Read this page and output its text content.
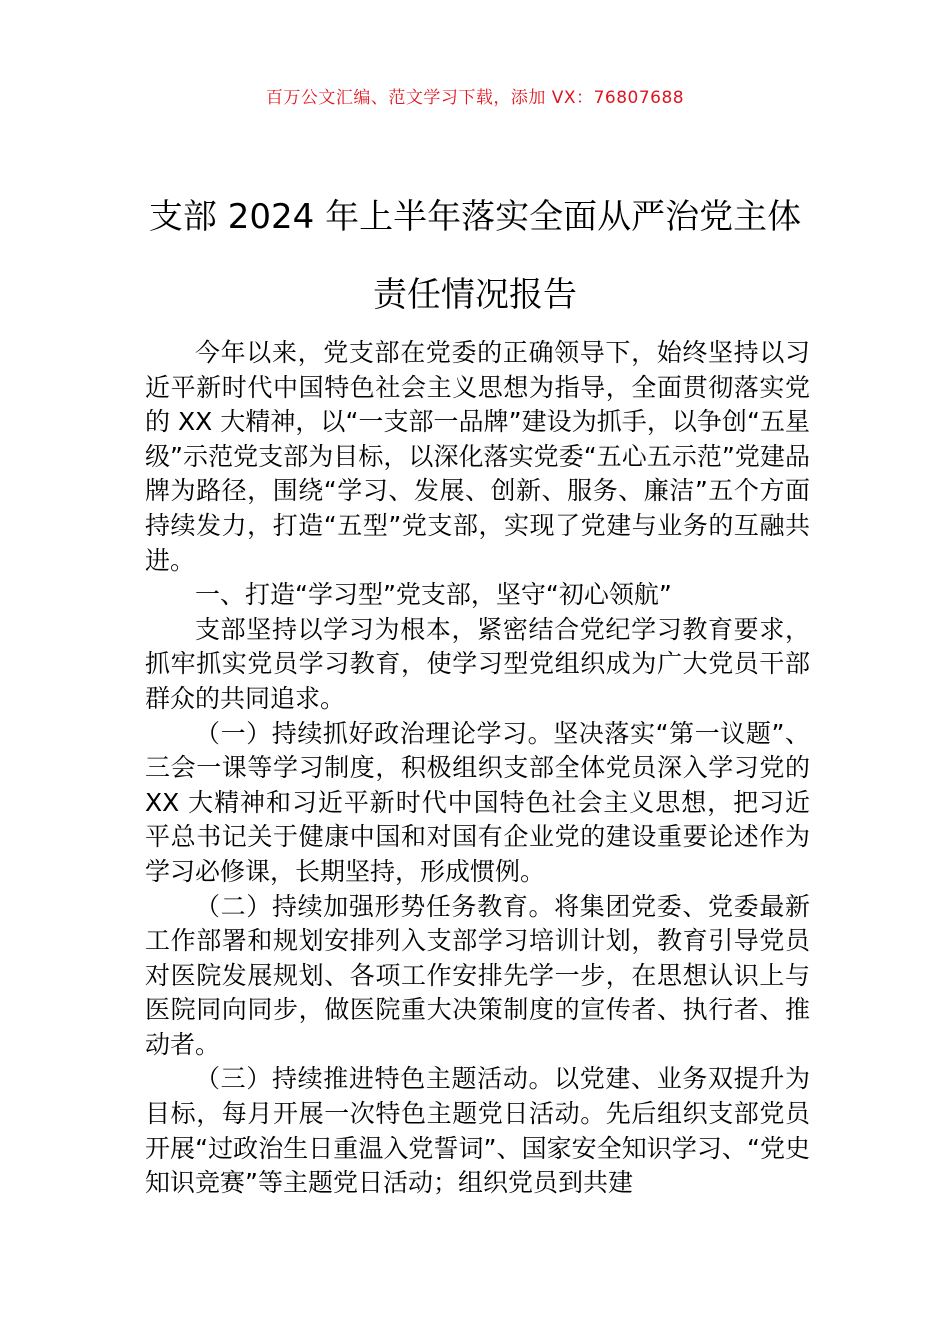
百万公文汇编、范文学习下载，添加 VX：76807688
支部 2024 年上半年落实全面从严治党主体
责任情况报告

今年以来，党支部在党委的正确领导下，始终坚持以习近平新时代中国特色社会主义思想为指导，全面贯彻落实党的 XX 大精神，以“一支部一品牌”建设为抓手，以争创“五星级”示范党支部为目标，以深化落实党委“五心五示范”党建品牌为路径，围绕“学习、发展、创新、服务、廉洁”五个方面持续发力，打造“五型”党支部，实现了党建与业务的互融共进。

一、打造“学习型”党支部，坚守“初心领航”

支部坚持以学习为根本，紧密结合党纪学习教育要求，抓牢抓实党员学习教育，使学习型党组织成为广大党员干部群众的共同追求。

（一）持续抓好政治理论学习。坚决落实“第一议题”、三会一课等学习制度，积极组织支部全体党员深入学习党的 XX 大精神和习近平新时代中国特色社会主义思想，把习近平总书记关于健康中国和对国有企业党的建设重要论述作为学习必修课，长期坚持，形成惯例。

（二）持续加强形势任务教育。将集团党委、党委最新工作部署和规划安排列入支部学习培训计划，教育引导党员对医院发展规划、各项工作安排先学一步，在思想认识上与医院同向同步，做医院重大决策制度的宣传者、执行者、推动者。

（三）持续推进特色主题活动。以党建、业务双提升为目标，每月开展一次特色主题党日活动。先后组织支部党员开展“过政治生日重温入党誓词”、国家安全知识学习、“党史知识竞赛”等主题党日活动；组织党员到共建
